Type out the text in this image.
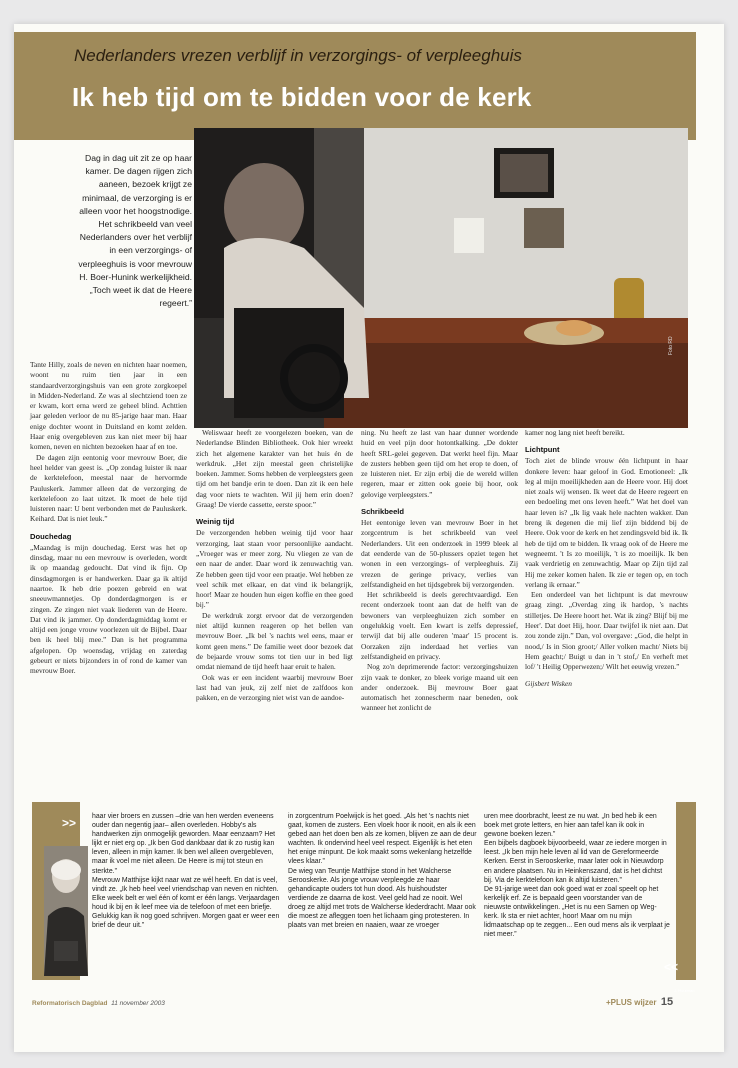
Nederlanders vrezen verblijf in verzorgings- of verpleeghuis
Ik heb tijd om te bidden voor de kerk
Dag in dag uit zit ze op haar kamer. De dagen rijgen zich aaneen, bezoek krijgt ze minimaal, de verzorging is er alleen voor het hoogstnodige. Het schrikbeeld van veel Nederlanders over het verblijf in een verzorgings- of verpleeghuis is voor mevrouw H. Boer-Hunink werkelijkheid. „Toch weet ik dat de Heere regeert.”
Foto RD

Tante Hilly, zoals de neven en nichten haar noemen, woont nu ruim tien jaar in een standaardverzorgingshuis van een grote zorgkoepel in Midden-Nederland. Ze was al slechtziend toen ze er kwam, kort erna werd ze geheel blind. Achttien jaar geleden verloor de nu 85-jarige haar man. Haar enige dochter woont in Duitsland en komt zelden. Haar enig overgebleven zus kan niet meer bij haar komen, neven en nichten bezoeken haar af en toe.

De dagen zijn eentonig voor mevrouw Boer, die heel helder van geest is. „Op zondag luister ik naar de kerktelefoon, meestal naar de hervormde Pauluskerk. Jammer alleen dat de verzorging de kerktelefoon zo laat uitzet. Ik moet de hele tijd luisteren naar: U bent verbonden met de Pauluskerk. Keihard. Dat is niet leuk.”

Douchedag

„Maandag is mijn douchedag. Eerst was het op dinsdag, maar nu een mevrouw is overleden, wordt ik op maandag gedoucht. Dat vind ik fijn. Op dinsdagmorgen is er handwerken. Daar ga ik altijd naartoe. Ik heb drie poezen gebreid en wat sneeuwmannetjes. Op donderdagmorgen is er zingen. Ze zingen niet vaak liederen van de Heere. Dat vind ik jammer. Op donderdagmiddag komt er altijd een jonge vrouw voorlezen uit de Bijbel. Daar ben ik heel blij mee.” Dan is het programma afgelopen. Op woensdag, vrijdag en zaterdag gebeurt er niets bijzonders in of rond de kamer van mevrouw Boer.

Weliswaar heeft ze voorgelezen boeken, van de Nederlandse Blinden Bibliotheek. Ook hier wreekt zich het algemene karakter van het huis én de werkdruk. „Het zijn meestal geen christelijke boeken. Jammer. Soms hebben de verpleegsters geen tijd om het bandje erin te doen. Dan zit ik een hele dag voor niets te wachten. Wil jij hem erin doen? Graag! De vierde cassette, eerste spoor.”

Weinig tijd

De verzorgenden hebben weinig tijd voor haar verzorging, laat staan voor persoonlijke aandacht. „Vroeger was er meer zorg. Nu vliegen ze van de een naar de ander. Daar word ik zenuwachtig van. Ze hebben geen tijd voor een praatje. Wel hebben ze veel schik met elkaar, en dat vind ik belangrijk, hoor! Maar ze houden hun eigen koffie en thee goed bij.”

De werkdruk zorgt ervoor dat de verzorgenden niet altijd kunnen reageren op het bellen van mevrouw Boer. „Ik bel 's nachts wel eens, maar er komt geen mens.” De familie weet door bezoek dat de bejaarde vrouw soms tot tien uur in bed ligt omdat niemand de tijd heeft haar eruit te halen.

Ook was er een incident waarbij mevrouw Boer last had van jeuk, zij zelf niet de zalfdoos kon pakken, en de verzorging niet wist van de aandoe-

ning. Nu heeft ze last van haar dunner wordende huid en veel pijn door hotontkalking. „De dokter heeft SRL-gelei gegeven. Dat werkt heel fijn. Maar de zusters hebben geen tijd om het erop te doen, of ze luisteren niet. Er zijn erbij die de wereld willen regeren, maar er zitten ook goeie bij hoor, ook gelovige verpleegsters.”

Schrikbeeld

Het eentonige leven van mevrouw Boer in het zorgcentrum is het schrikbeeld van veel Nederlanders. Uit een onderzoek in 1999 bleek al dat eenderde van de 50-plussers opziet tegen het wonen in een verzorgings- of verpleeghuis. Zij vrezen de geringe privacy, verlies van zelfstandigheid en het tijdsgebrek bij verzorgenden.

Het schrikbeeld is deels gerechtvaardigd. Een recent onderzoek toont aan dat de helft van de bewoners van verpleeghuizen zich somber en ongelukkig voelt. Een kwart is zelfs depressief, terwijl dat bij alle ouderen 'maar' 15 procent is. Oorzaken zijn inderdaad het verlies van zelfstandigheid en privacy.

Nog zo'n deprimerende factor: verzorgingshuizen zijn vaak te donker, zo bleek vorige maand uit een ander onderzoek. Bij mevrouw Boer gaat automatisch het zonnescherm naar beneden, ook wanneer het zonlicht de

kamer nog lang niet heeft bereikt.

Lichtpunt

Toch ziet de blinde vrouw één lichtpunt in haar donkere leven: haar geloof in God. Emotioneel: „Ik leg al mijn moeilijkheden aan de Heere voor. Hij doet niet zoals wij wensen. Ik weet dat de Heere regeert en een bedoeling met ons leven heeft.” Wat het doel van haar leven is? „Ik lig vaak hele nachten wakker. Dan breng ik degenen die mij lief zijn biddend bij de Heere. Ook voor de kerk en het zendingsveld bid ik. Ik heb de tijd om te bidden. Ik vraag ook of de Heere me wegneemt. 't Is zo moeilijk, 't is zo moeilijk. Ik ben vaak verdrietig en zenuwachtig. Maar op Zijn tijd zal Hij me zeker komen halen. Ik zie er tegen op, en toch verlang ik ernaar.”

Een onderdeel van het lichtpunt is dat mevrouw graag zingt. „Overdag zing ik hardop, 's nachts stilletjes. De Heere hoort het. Wat ik zing? Blijf bij me Heer'. Dat doet Hij, hoor. Daar twijfel ik niet aan. Dat zou zonde zijn.” Dan, vol overgave: „God, die helpt in nood,/ Is in Sion groot;/ Aller volken macht/ Niets bij Hem geacht;/ Buigt u dan in 't stof,/ En verheft met lof/ 't Heilig Opperwezen;/ Wilt het eeuwig vrezen.”

Gijsbert Wisken

>>
<<
J. Houtman

haar vier broers en zussen –drie van hen werden eveneens ouder dan negentig jaar– allen overleden. Hobby's als handwerken zijn onmogelijk geworden. Maar eenzaam? Het lijkt er niet erg op. „Ik ben God dankbaar dat ik zo rustig kan leven, alleen in mijn kamer. Ik ben wel alleen overgebleven, maar ik voel me niet alleen. De Heere is mij tot steun en sterkte.”
Mevrouw Matthijse kijkt naar wat ze wél heeft. En dat is veel, vindt ze. „Ik heb heel veel vriendschap van neven en nichten. Elke week belt er wel één of komt er één langs. Verjaardagen houd ik bij en ik leef mee via de telefoon of met een briefje. Gelukkig kan ik nog goed schrijven. Morgen gaat er weer een brief de deur uit.”

in zorgcentrum Poelwijck is het goed. „Als het 's nachts niet gaat, komen de zusters. Een vloek hoor ik nooit, en als ik een gebed aan het doen ben als ze komen, blijven ze aan de deur wachten. Ik ondervind heel veel respect. Eigenlijk is het eten het enige minpunt. De kok maakt soms wekenlang hetzelfde vlees klaar.”
De wieg van Teuntje Matthijse stond in het Walcherse Serooskerke. Als jonge vrouw verpleegde ze haar gehandicapte ouders tot hun dood. Als huishoudster verdiende ze daarna de kost. Veel geld had ze nooit. Wel droeg ze altijd met trots de Walcherse klederdracht. Maar ook die moest ze afleggen toen het lichaam ging protesteren. In plaats van met breien en naaien, waar ze vroeger

uren mee doorbracht, leest ze nu wat. „In bed heb ik een boek met grote letters, en hier aan tafel kan ik ook in gewone boeken lezen.”
Een bijbels dagboek bijvoorbeeld, waar ze iedere morgen in leest. „Ik ben mijn hele leven al lid van de Gereformeerde Kerken. Eerst in Serooskerke, maar later ook in Nieuwdorp en andere plaatsen. Nu in Heinkenszand, dat is het dichtst bij. Via de kerktelefoon kan ik altijd luisteren.”
De 91-jarige weet dan ook goed wat er zoal speelt op het kerkelijk erf. Ze is bepaald geen voorstander van de nieuwste ontwikkelingen. „Het is nu een Samen op Weg-kerk. Ik sta er niet achter, hoor! Maar om nu mijn lidmaatschap op te zeggen... Een oud mens als ik verplaat je niet meer.”

Reformatorisch Dagblad 11 november 2003	+PLUS wijzer 15
